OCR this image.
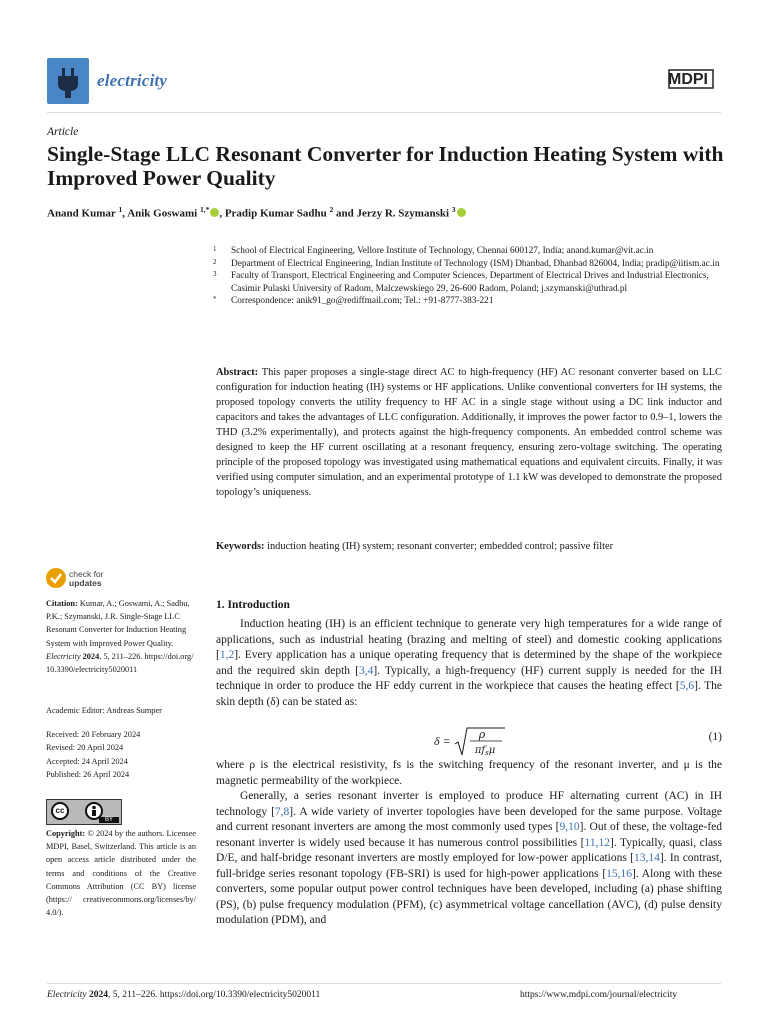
electricity	MDPI
Article
Single-Stage LLC Resonant Converter for Induction Heating System with Improved Power Quality
Anand Kumar $^1$, Anik Goswami $^{1,*}$ , Pradip Kumar Sadhu $^2$ and Jerzy R. Szymanski $^3$
1	School of Electrical Engineering, Vellore Institute of Technology, Chennai 600127, India; anand.kumar@vit.ac.in
2	Department of Electrical Engineering, Indian Institute of Technology (ISM) Dhanbad, Dhanbad 826004, India; pradip@iitism.ac.in
3	Faculty of Transport, Electrical Engineering and Computer Sciences, Department of Electrical Drives and Industrial Electronics, Casimir Pulaski University of Radom, Malczewskiego 29, 26-600 Radom, Poland; j.szymanski@uthrad.pl
*	Correspondence: anik91_go@rediffmail.com; Tel.: +91-8777-383-221
Abstract: This paper proposes a single-stage direct AC to high-frequency (HF) AC resonant converter based on LLC configuration for induction heating (IH) systems or HF applications. Unlike conventional converters for IH systems, the proposed topology converts the utility frequency to HF AC in a single stage without using a DC link inductor and capacitors and takes the advantages of LLC configuration. Additionally, it improves the power factor to 0.9–1, lowers the THD (3.2% experimentally), and protects against the high-frequency components. An embedded control scheme was designed to keep the HF current oscillating at a resonant frequency, ensuring zero-voltage switching. The operating principle of the proposed topology was investigated using mathematical equations and equivalent circuits. Finally, it was verified using computer simulation, and an experimental prototype of 1.1 kW was developed to demonstrate the proposed topology’s uniqueness.
Keywords: induction heating (IH) system; resonant converter; embedded control; passive filter
check for
updates
Citation: Kumar, A.; Goswami, A.; Sadhu, P.K.; Szymanski, J.R. Single-Stage LLC Resonant Converter for Induction Heating System with Improved Power Quality. Electricity 2024, 5, 211–226. https://doi.org/ 10.3390/electricity5020011
Academic Editor: Andreas Sumper
Received: 20 February 2024
Revised: 20 April 2024
Accepted: 24 April 2024
Published: 26 April 2024
cc
BY
Copyright: © 2024 by the authors. Licensee MDPI, Basel, Switzerland. This article is an open access article distributed under the terms and conditions of the Creative Commons Attribution (CC BY) license (https:// creativecommons.org/licenses/by/ 4.0/).
1. Introduction
Induction heating (IH) is an efficient technique to generate very high temperatures for a wide range of applications, such as industrial heating (brazing and melting of steel) and domestic cooking applications [1,2]. Every application has a unique operating frequency that is determined by the shape of the workpiece and the required skin depth [3,4]. Typically, a high-frequency (HF) current supply is needed for the IH technique in order to produce the HF eddy current in the workpiece that causes the heating effect [5,6]. The skin depth (δ) can be stated as:
δ =	ρ
$\pi f_s\mu$
(1)
where ρ is the electrical resistivity, fs is the switching frequency of the resonant inverter, and μ is the magnetic permeability of the workpiece.
Generally, a series resonant inverter is employed to produce HF alternating current (AC) in IH technology [7,8]. A wide variety of inverter topologies have been developed for the same purpose. Voltage and current resonant inverters are among the most commonly used types [9,10]. Out of these, the voltage-fed resonant inverter is widely used because it has numerous control possibilities [11,12]. Typically, quasi, class D/E, and half-bridge resonant inverters are mostly employed for low-power applications [13,14]. In contrast, full-bridge series resonant topology (FB-SRI) is used for high-power applications [15,16]. Along with these converters, some popular output power control techniques have been developed, including (a) phase shifting (PS), (b) pulse frequency modulation (PFM), (c) asymmetrical voltage cancellation (AVC), (d) pulse density modulation (PDM), and
Electricity 2024, 5, 211–226. https://doi.org/10.3390/electricity5020011	https://www.mdpi.com/journal/electricity
